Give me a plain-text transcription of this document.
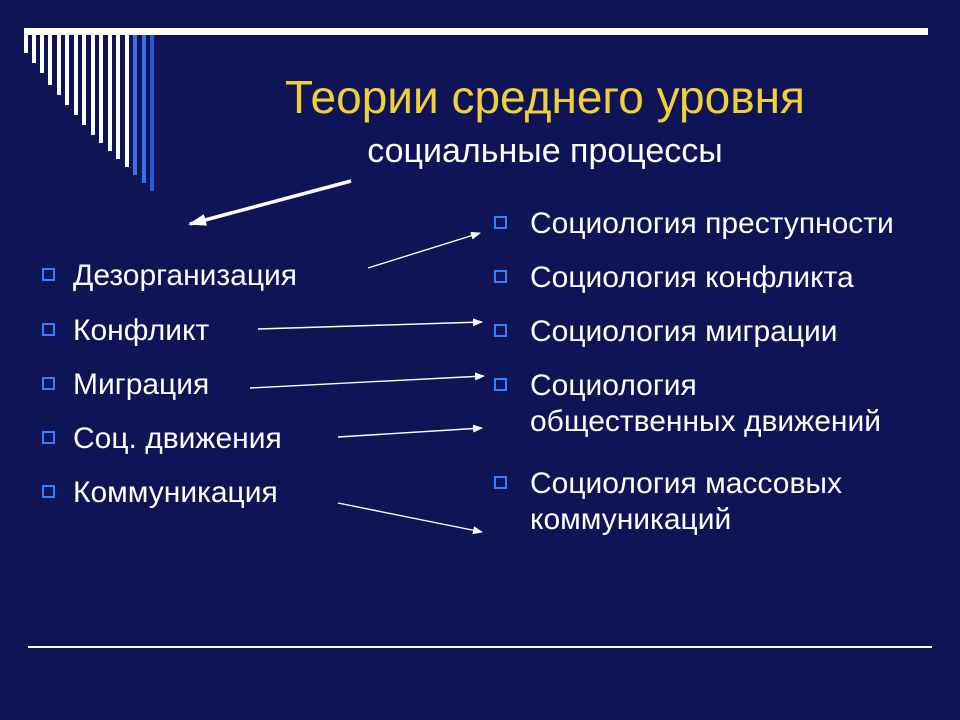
Теории среднего уровня
социальные процессы
Дезорганизация
Конфликт
Миграция
Соц. движения
Коммуникация
Социология преступности
Социология конфликта
Социология миграции
Социология
общественных движений
Социология массовых
коммуникаций
